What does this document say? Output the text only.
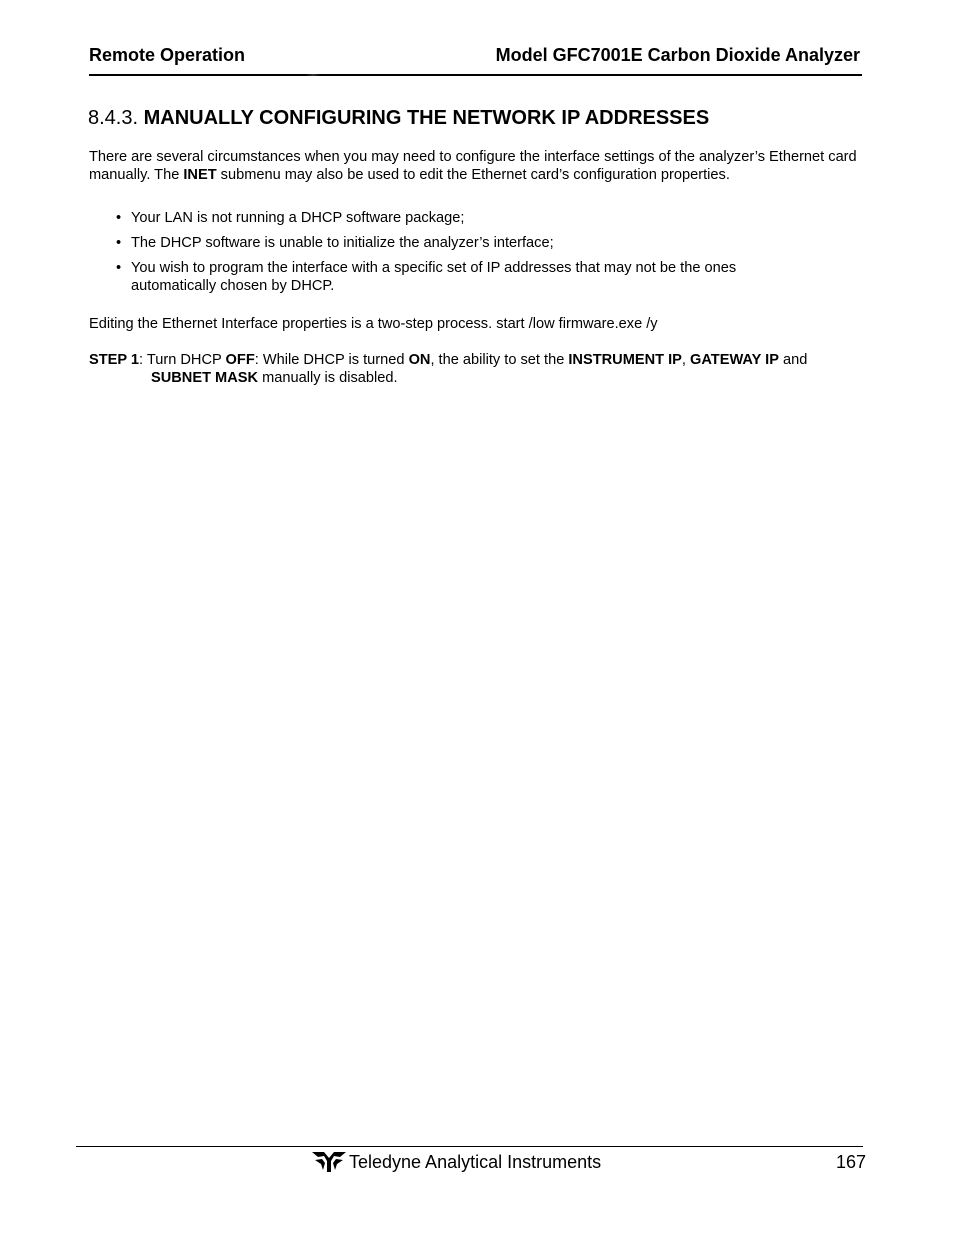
Remote Operation	Model GFC7001E Carbon Dioxide Analyzer
8.4.3. MANUALLY CONFIGURING THE NETWORK IP ADDRESSES
There are several circumstances when you may need to configure the interface settings of the analyzer’s Ethernet card manually. The INET submenu may also be used to edit the Ethernet card’s configuration properties.
• Your LAN is not running a DHCP software package;
• The DHCP software is unable to initialize the analyzer’s interface;
• You wish to program the interface with a specific set of IP addresses that may not be the ones automatically chosen by DHCP.
Editing the Ethernet Interface properties is a two-step process. start /low firmware.exe /y
STEP 1: Turn DHCP OFF: While DHCP is turned ON, the ability to set the INSTRUMENT IP, GATEWAY IP and
SUBNET MASK manually is disabled.
Teledyne Analytical Instruments	167
